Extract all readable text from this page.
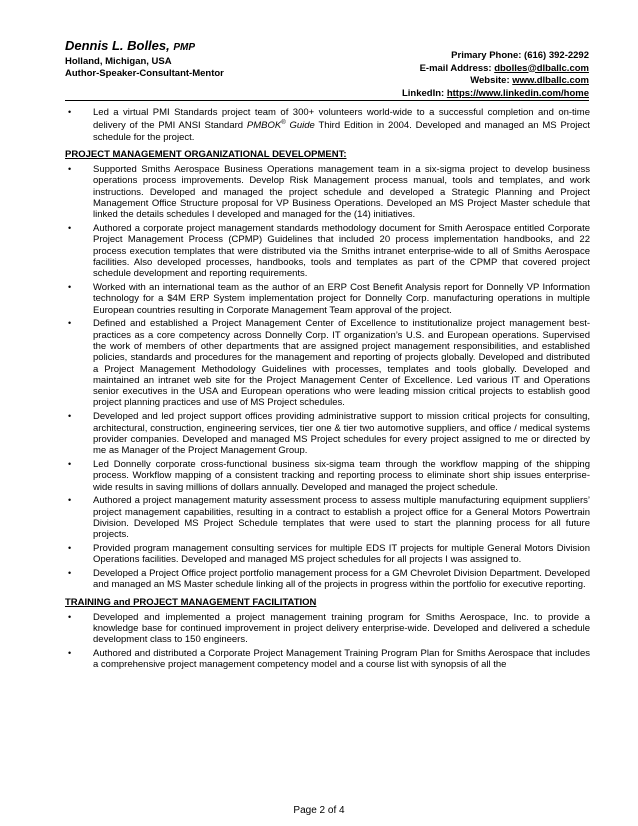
Dennis L. Bolles, PMP
Holland, Michigan, USA
Author-Speaker-Consultant-Mentor
Primary Phone: (616) 392-2292
E-mail Address: dbolles@dlballc.com
Website: www.dlballc.com
LinkedIn: https://www.linkedin.com/home
• Led a virtual PMI Standards project team of 300+ volunteers world-wide to a successful completion and on-time delivery of the PMI ANSI Standard PMBOK® Guide Third Edition in 2004. Developed and managed an MS Project schedule for the project.
PROJECT MANAGEMENT ORGANIZATIONAL DEVELOPMENT:
• Supported Smiths Aerospace Business Operations management team in a six-sigma project to develop business operations process improvements. Develop Risk Management process manual, tools and templates, and work instructions. Developed and managed the project schedule and developed a Strategic Planning and Project Management Office Structure proposal for VP Business Operations. Developed an MS Project Master schedule that linked the details schedules I developed and managed for the (14) initiatives.
• Authored a corporate project management standards methodology document for Smith Aerospace entitled Corporate Project Management Process (CPMP) Guidelines that included 20 process implementation handbooks, and 22 process execution templates that were distributed via the Smiths intranet enterprise-wide to all of Smiths Aerospace facilities. Also developed processes, handbooks, tools and templates as part of the CPMP that covered project schedule development and reporting requirements.
• Worked with an international team as the author of an ERP Cost Benefit Analysis report for Donnelly VP Information technology for a $4M ERP System implementation project for Donnelly Corp. manufacturing operations in multiple European countries resulting in Corporate Management Team approval of the project.
• Defined and established a Project Management Center of Excellence to institutionalize project management best-practices as a core competency across Donnelly Corp. IT organization’s U.S. and European operations. Supervised the work of members of other departments that are assigned project management responsibilities, and established policies, standards and procedures for the management and reporting of projects globally. Developed and distributed a Project Management Methodology Guidelines with processes, templates and tools globally. Developed and maintained an intranet web site for the Project Management Center of Excellence. Led various IT and Operations senior executives in the USA and European operations who were leading mission critical projects to establish good project planning practices and use of MS Project schedules.
• Developed and led project support offices providing administrative support to mission critical projects for consulting, architectural, construction, engineering services, tier one & tier two automotive suppliers, and office / medical systems provider companies. Developed and managed MS Project schedules for every project assigned to me or directed by me as Manager of the Project Management Group.
• Led Donnelly corporate cross-functional business six-sigma team through the workflow mapping of the shipping process. Workflow mapping of a consistent tracking and reporting process to eliminate short ship issues enterprise-wide results in saving millions of dollars annually. Developed and managed the project schedule.
• Authored a project management maturity assessment process to assess multiple manufacturing equipment suppliers’ project management capabilities, resulting in a contract to establish a project office for a General Motors Powertrain Division. Developed MS Project Schedule templates that were used to start the planning process for all future projects.
• Provided program management consulting services for multiple EDS IT projects for multiple General Motors Division Operations facilities. Developed and managed MS project schedules for all projects I was assigned to.
• Developed a Project Office project portfolio management process for a GM Chevrolet Division Department. Developed and managed an MS Master schedule linking all of the projects in progress within the portfolio for executive reporting.
TRAINING and PROJECT MANAGEMENT FACILITATION
• Developed and implemented a project management training program for Smiths Aerospace, Inc. to provide a knowledge base for continued improvement in project delivery enterprise-wide. Developed and delivered a schedule development class to 150 engineers.
• Authored and distributed a Corporate Project Management Training Program Plan for Smiths Aerospace that includes a comprehensive project management competency model and a course list with synopsis of all the
Page 2 of 4
